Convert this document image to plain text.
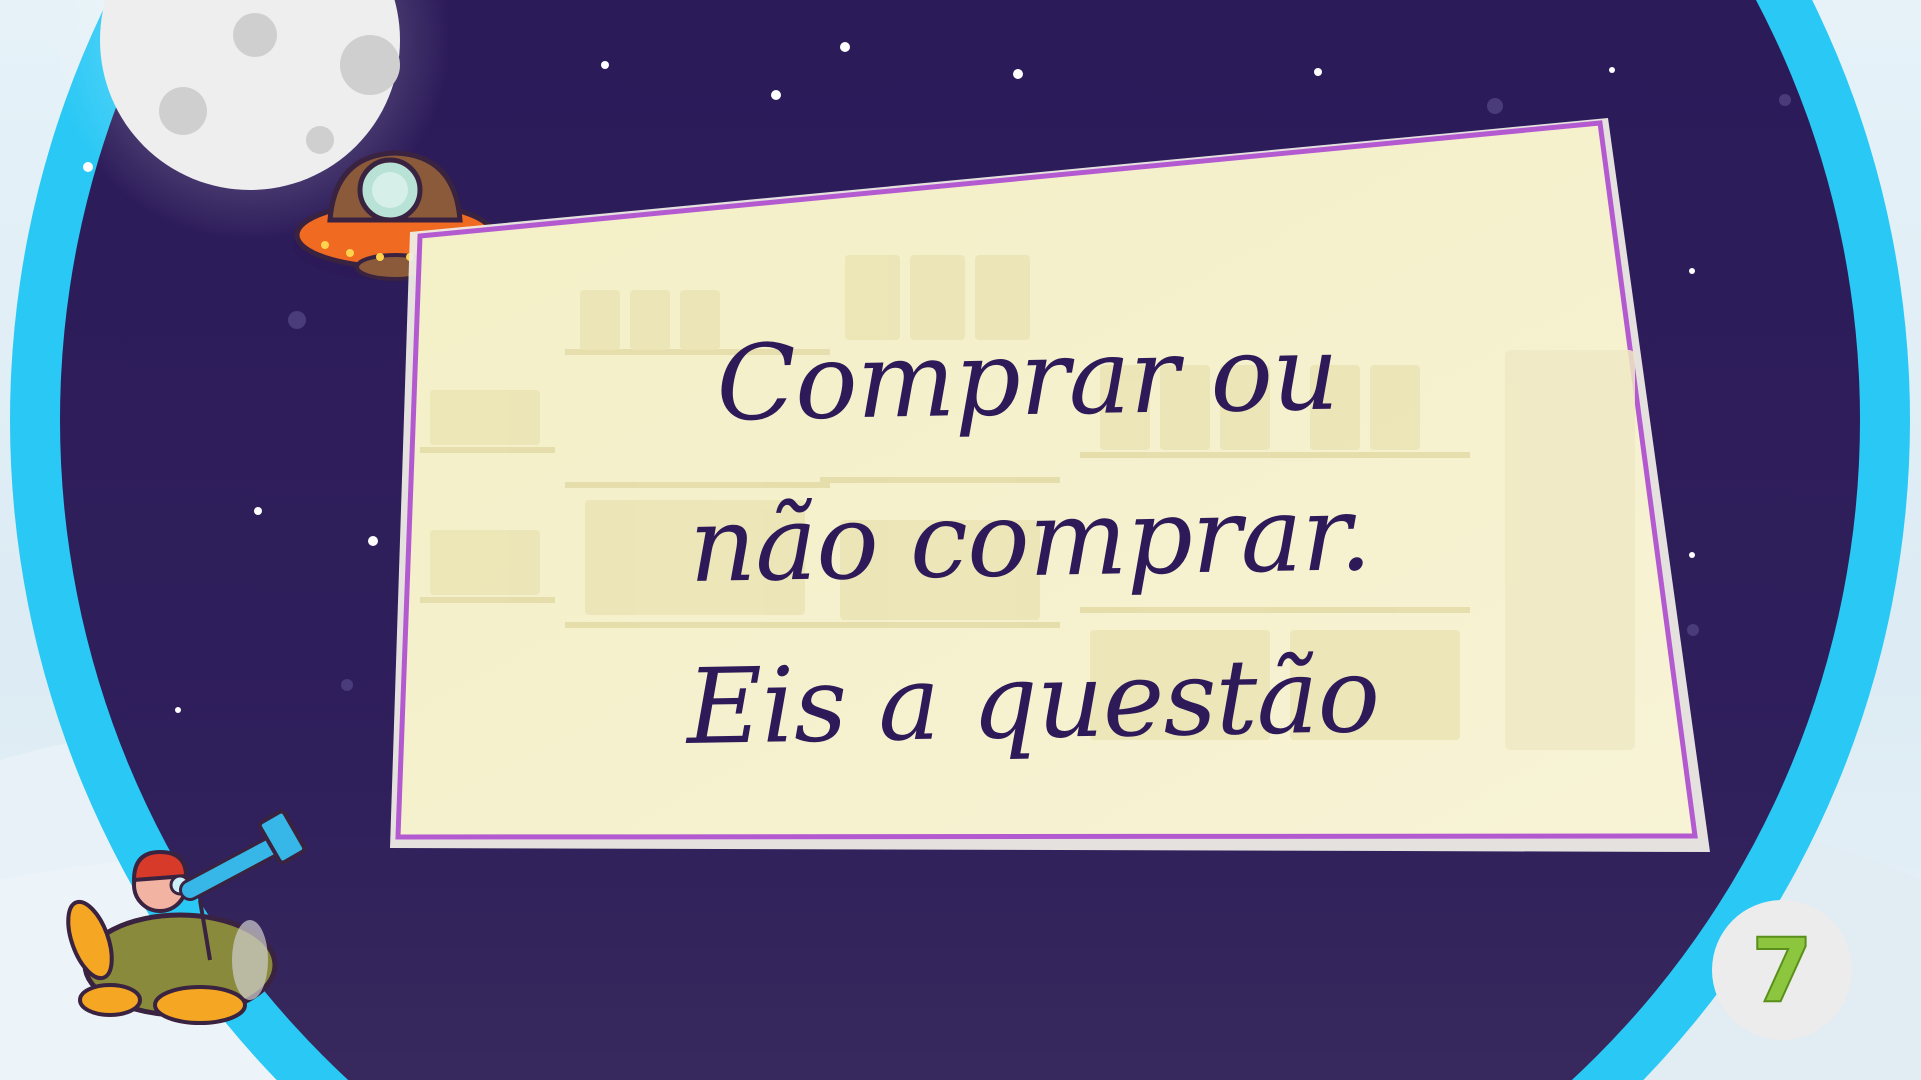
Comprar ou
não comprar.
Eis a questão
7
